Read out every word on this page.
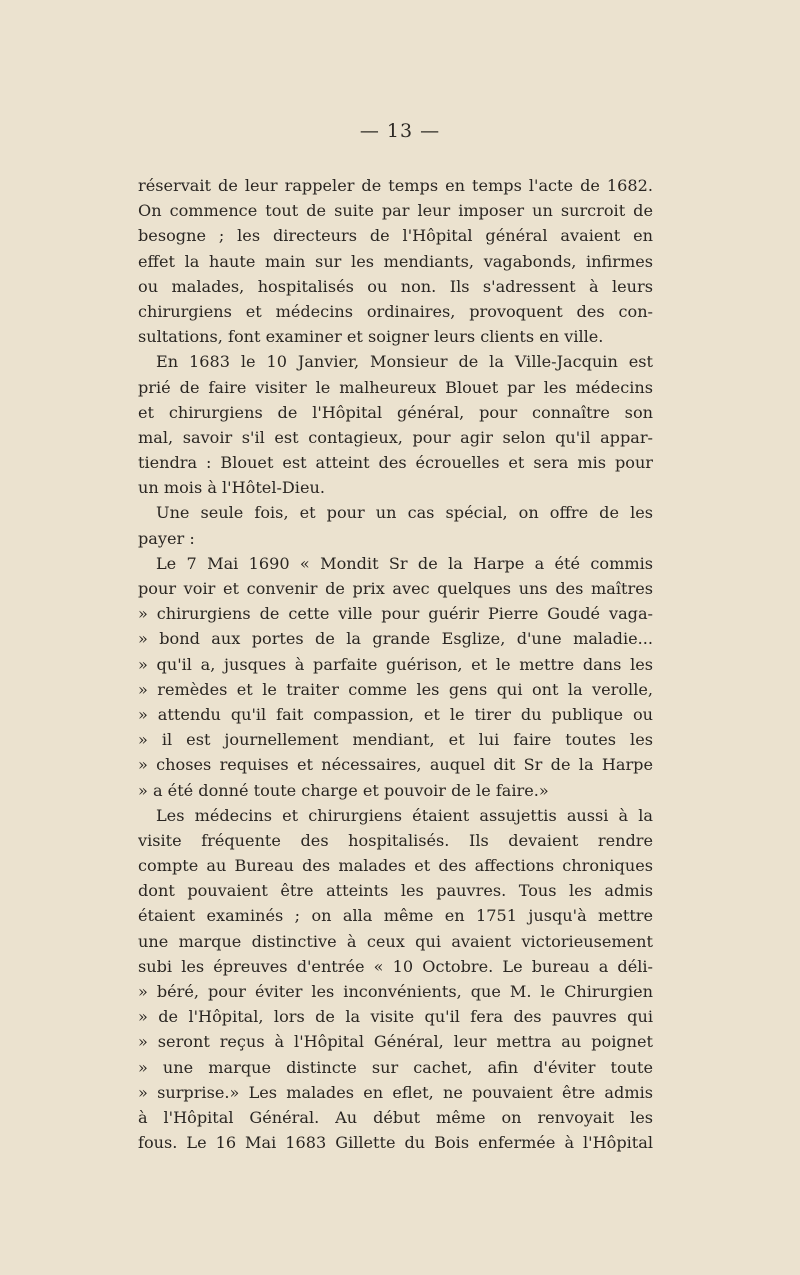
— 13 —
réservait de leur rappeler de temps en temps l'acte de 1682.
On commence tout de suite par leur imposer un surcroit de
besogne ; les directeurs de l'Hôpital général avaient en
effet la haute main sur les mendiants, vagabonds, infirmes
ou malades, hospitalisés ou non. Ils s'adressent à leurs
chirurgiens et médecins ordinaires, provoquent des con-
sultations, font examiner et soigner leurs clients en ville.
En 1683 le 10 Janvier, Monsieur de la Ville-Jacquin est
prié de faire visiter le malheureux Blouet par les médecins
et chirurgiens de l'Hôpital général, pour connaître son
mal, savoir s'il est contagieux, pour agir selon qu'il appar-
tiendra : Blouet est atteint des écrouelles et sera mis pour
un mois à l'Hôtel-Dieu.
Une seule fois, et pour un cas spécial, on offre de les
payer :
Le 7 Mai 1690 « Mondit Sr de la Harpe a été commis
pour voir et convenir de prix avec quelques uns des maîtres
» chirurgiens de cette ville pour guérir Pierre Goudé vaga-
» bond aux portes de la grande Esglize, d'une maladie...
» qu'il a, jusques à parfaite guérison, et le mettre dans les
» remèdes et le traiter comme les gens qui ont la verolle,
» attendu qu'il fait compassion, et le tirer du publique ou
» il est journellement mendiant, et lui faire toutes les
» choses requises et nécessaires, auquel dit Sr de la Harpe
» a été donné toute charge et pouvoir de le faire.»
Les médecins et chirurgiens étaient assujettis aussi à la
visite fréquente des hospitalisés. Ils devaient rendre
compte au Bureau des malades et des affections chroniques
dont pouvaient être atteints les pauvres. Tous les admis
étaient examinés ; on alla même en 1751 jusqu'à mettre
une marque distinctive à ceux qui avaient victorieusement
subi les épreuves d'entrée « 10 Octobre. Le bureau a déli-
» béré, pour éviter les inconvénients, que M. le Chirurgien
» de l'Hôpital, lors de la visite qu'il fera des pauvres qui
» seront reçus à l'Hôpital Général, leur mettra au poignet
» une marque distincte sur cachet, afin d'éviter toute
» surprise.» Les malades en eflet, ne pouvaient être admis
à l'Hôpital Général. Au début même on renvoyait les
fous. Le 16 Mai 1683 Gillette du Bois enfermée à l'Hôpital
